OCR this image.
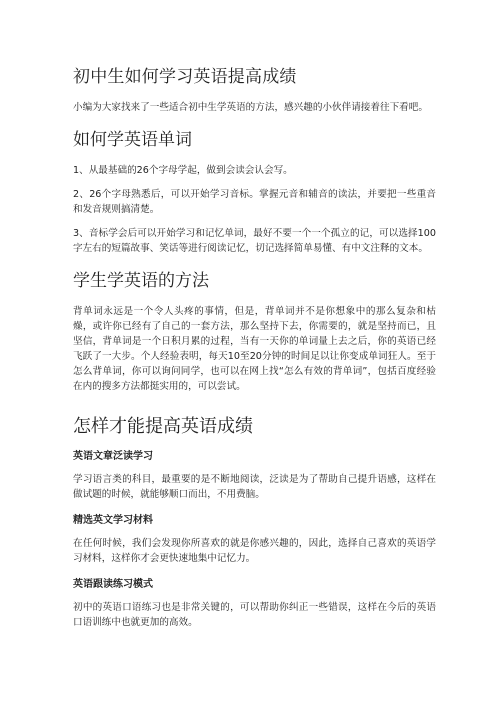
初中生如何学习英语提高成绩

小编为大家找来了一些适合初中生学英语的方法，感兴趣的小伙伴请接着往下看吧。

如何学英语单词

1、从最基础的26个字母学起，做到会读会认会写。

2、26个字母熟悉后，可以开始学习音标。掌握元音和辅音的读法，并要把一些重音和发音规则搞清楚。

3、音标学会后可以开始学习和记忆单词，最好不要一个一个孤立的记，可以选择100字左右的短篇故事、笑话等进行阅读记忆，切记选择简单易懂、有中文注释的文本。

学生学英语的方法

背单词永远是一个令人头疼的事情，但是，背单词并不是你想象中的那么复杂和枯燥，或许你已经有了自己的一套方法，那么坚持下去，你需要的，就是坚持而已，且坚信，背单词是一个日积月累的过程，当有一天你的单词量上去之后，你的英语已经飞跃了一大步。个人经验表明，每天10至20分钟的时间足以让你变成单词狂人。至于怎么背单词，你可以询问同学，也可以在网上找“怎么有效的背单词”，包括百度经验在内的搜多方法都挺实用的，可以尝试。

怎样才能提高英语成绩
英语文章泛读学习

学习语言类的科目，最重要的是不断地阅读，泛读是为了帮助自己提升语感，这样在做试题的时候，就能够顺口而出，不用费脑。

精选英文学习材料

在任何时候，我们会发现你所喜欢的就是你感兴趣的，因此，选择自己喜欢的英语学习材料，这样你才会更快速地集中记忆力。

英语跟读练习模式

初中的英语口语练习也是非常关键的，可以帮助你纠正一些错误，这样在今后的英语口语训练中也就更加的高效。
